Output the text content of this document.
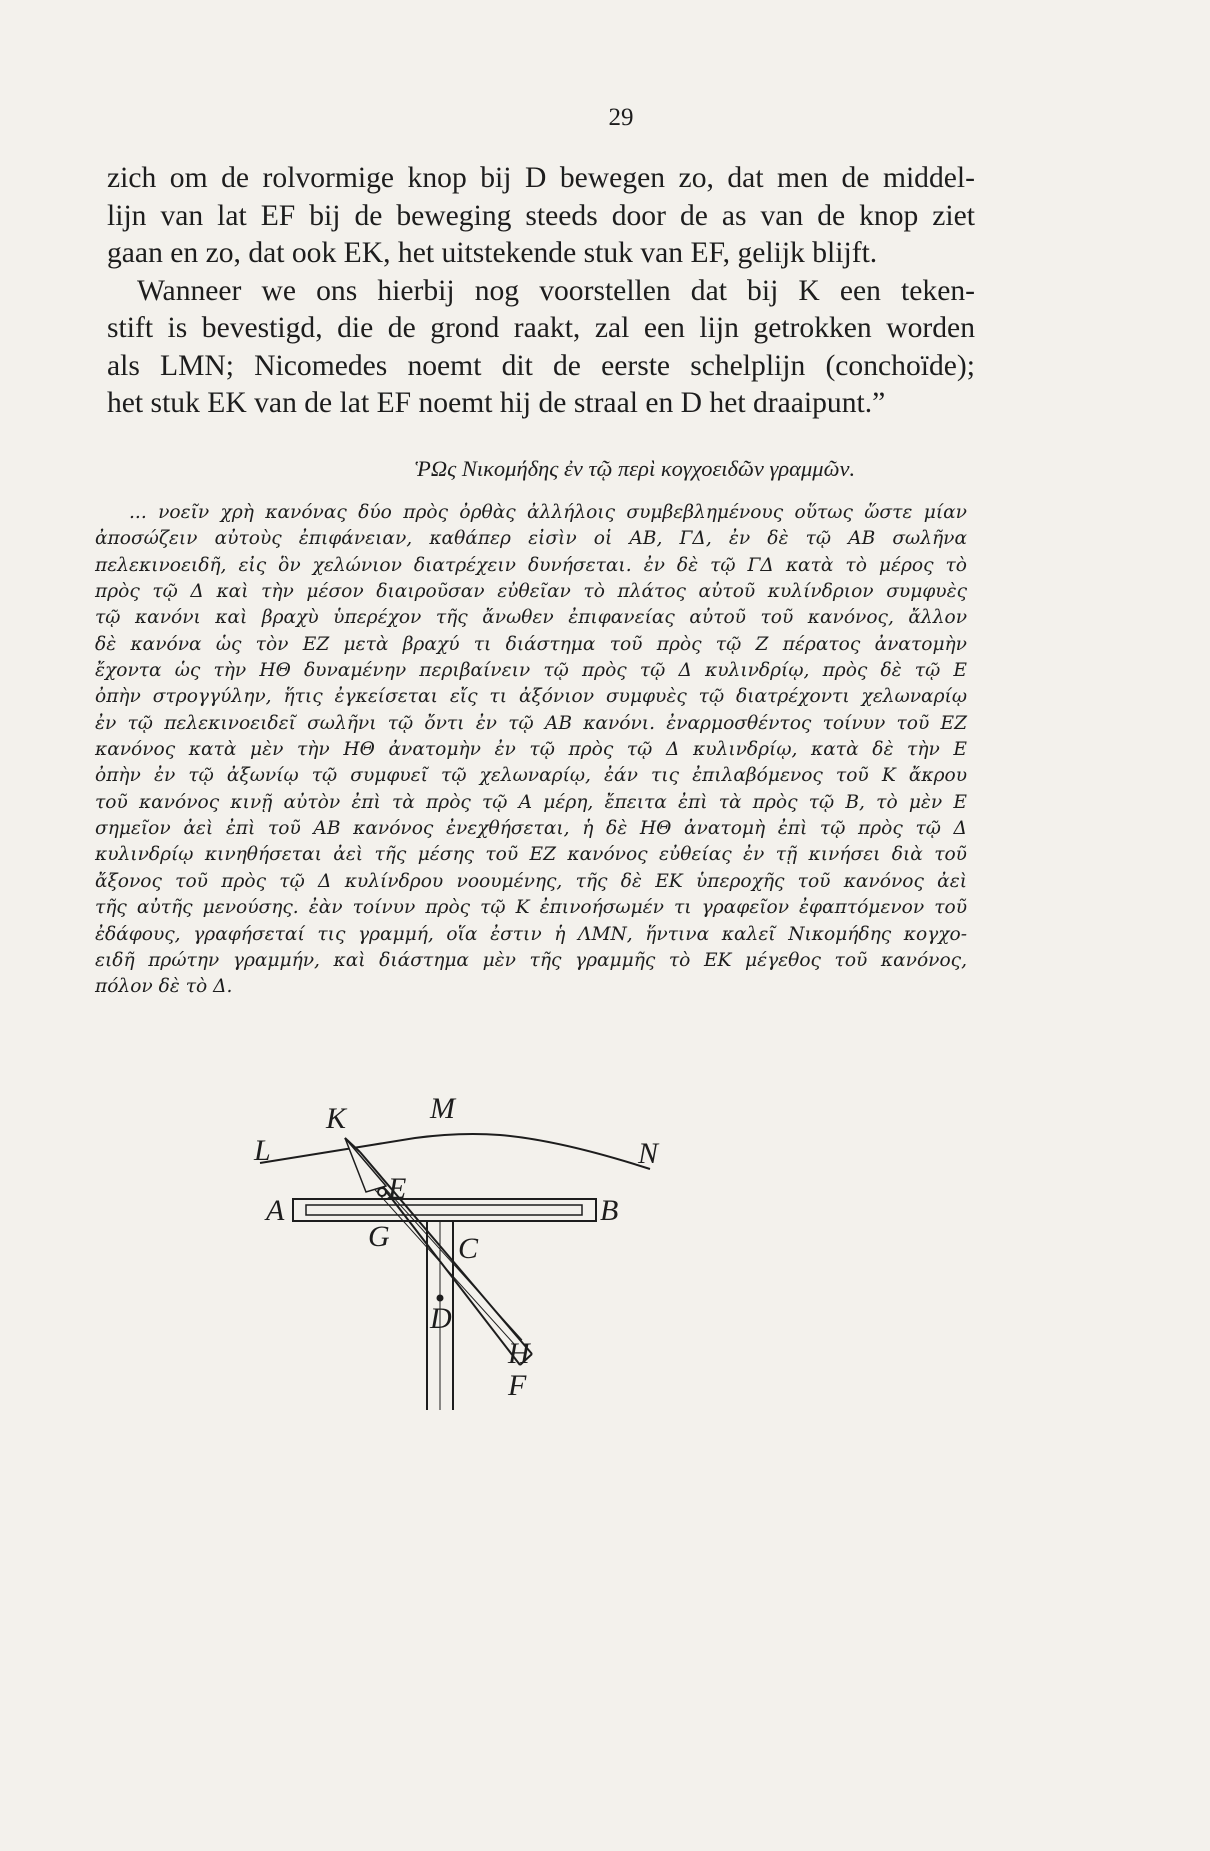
29
zich om de rolvormige knop bij D bewegen zo, dat men de middel-
lijn van lat EF bij de beweging steeds door de as van de knop ziet
gaan en zo, dat ook EK, het uitstekende stuk van EF, gelijk blijft.
Wanneer we ons hierbij nog voorstellen dat bij K een teken-
stift is bevestigd, die de grond raakt, zal een lijn getrokken worden
als LMN; Nicomedes noemt dit de eerste schelplijn (conchoïde);
het stuk EK van de lat EF noemt hij de straal en D het draaipunt.”
ῬΩς Νικομήδης ἐν τῷ περὶ κογχοειδῶν γραμμῶν.
... νοεῖν χρὴ κανόνας δύο πρὸς ὀρθὰς ἀλλήλοις συμβεβλημένους οὕτως ὥστε μίαν
ἀποσώζειν αὐτοὺς ἐπιφάνειαν, καθάπερ εἰσὶν οἱ ΑΒ, ΓΔ, ἐν δὲ τῷ ΑΒ σωλῆνα
πελεκινοειδῆ, εἰς ὃν χελώνιον διατρέχειν δυνήσεται. ἐν δὲ τῷ ΓΔ κατὰ τὸ μέρος τὸ
πρὸς τῷ Δ καὶ τὴν μέσον διαιροῦσαν εὐθεῖαν τὸ πλάτος αὐτοῦ κυλίνδριον συμφυὲς
τῷ κανόνι καὶ βραχὺ ὑπερέχον τῆς ἄνωθεν ἐπιφανείας αὐτοῦ τοῦ κανόνος, ἄλλον
δὲ κανόνα ὡς τὸν ΕΖ μετὰ βραχύ τι διάστημα τοῦ πρὸς τῷ Ζ πέρατος ἀνατομὴν
ἔχοντα ὡς τὴν ΗΘ δυναμένην περιβαίνειν τῷ πρὸς τῷ Δ κυλινδρίῳ, πρὸς δὲ τῷ Ε
ὀπὴν στρογγύλην, ἥτις ἐγκείσεται εἴς τι ἀξόνιον συμφυὲς τῷ διατρέχοντι χελωναρίῳ
ἐν τῷ πελεκινοειδεῖ σωλῆνι τῷ ὄντι ἐν τῷ ΑΒ κανόνι. ἐναρμοσθέντος τοίνυν τοῦ ΕΖ
κανόνος κατὰ μὲν τὴν ΗΘ ἀνατομὴν ἐν τῷ πρὸς τῷ Δ κυλινδρίῳ, κατὰ δὲ τὴν Ε
ὀπὴν ἐν τῷ ἀξωνίῳ τῷ συμφυεῖ τῷ χελωναρίῳ, ἐάν τις ἐπιλαβόμενος τοῦ Κ ἄκρου
τοῦ κανόνος κινῇ αὐτὸν ἐπὶ τὰ πρὸς τῷ Α μέρη, ἔπειτα ἐπὶ τὰ πρὸς τῷ Β, τὸ μὲν Ε
σημεῖον ἀεὶ ἐπὶ τοῦ ΑΒ κανόνος ἐνεχθήσεται, ἡ δὲ ΗΘ ἀνατομὴ ἐπὶ τῷ πρὸς τῷ Δ
κυλινδρίῳ κινηθήσεται ἀεὶ τῆς μέσης τοῦ ΕΖ κανόνος εὐθείας ἐν τῇ κινήσει διὰ τοῦ
ἄξονος τοῦ πρὸς τῷ Δ κυλίνδρου νοουμένης, τῆς δὲ ΕΚ ὑπεροχῆς τοῦ κανόνος ἀεὶ
τῆς αὐτῆς μενούσης. ἐὰν τοίνυν πρὸς τῷ Κ ἐπινοήσωμέν τι γραφεῖον ἐφαπτόμενον τοῦ
ἐδάφους, γραφήσεταί τις γραμμή, οἵα ἐστιν ἡ ΛΜΝ, ἥντινα καλεῖ Νικομήδης κογχο-
ειδῆ πρώτην γραμμήν, καὶ διάστημα μὲν τῆς γραμμῆς τὸ ΕΚ μέγεθος τοῦ κανόνος,
πόλον δὲ τὸ Δ.
K	M
L	N
A	B
E
G C
D
H
F
